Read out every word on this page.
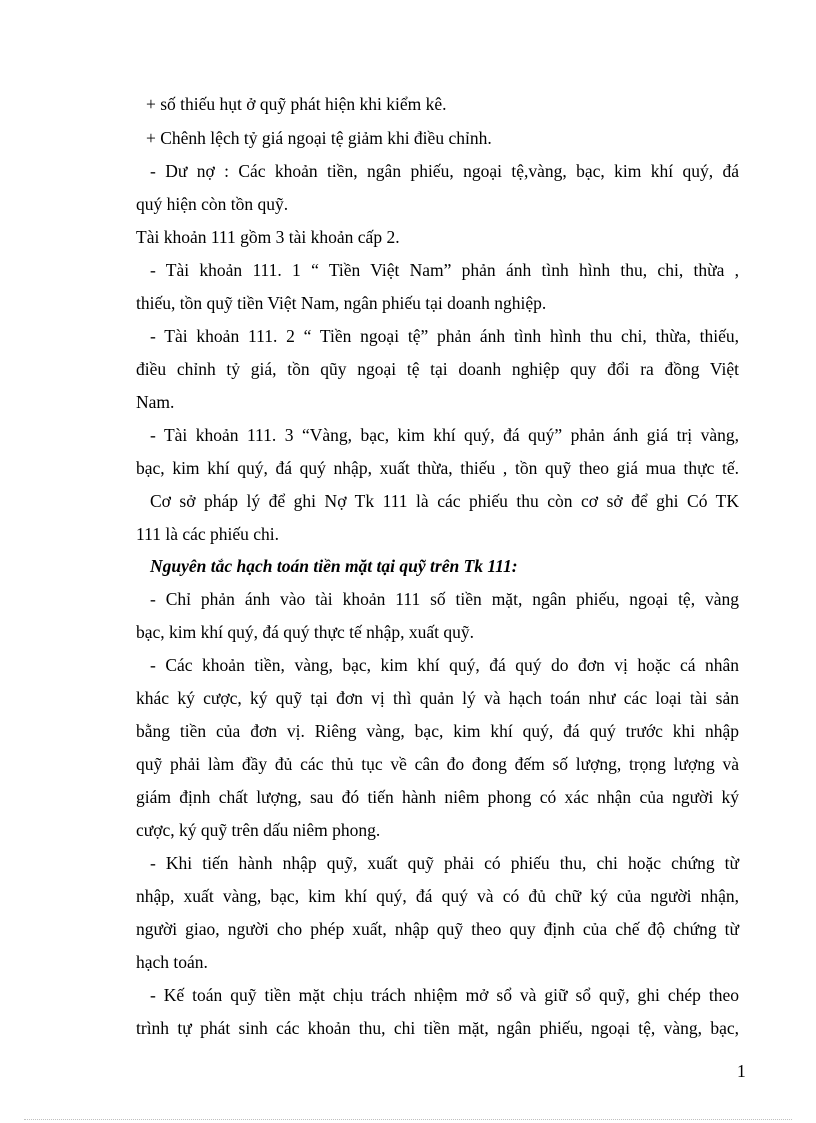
+ số thiếu hụt ở quỹ phát hiện khi kiểm kê.
+ Chênh lệch tỷ giá ngoại tệ giảm khi điều chỉnh.
- Dư nợ : Các khoản tiền, ngân phiếu, ngoại tệ,vàng, bạc, kim khí quý, đá
quý hiện còn tồn quỹ.
Tài khoản 111 gồm 3 tài khoản cấp 2.
- Tài khoản 111. 1 “ Tiền Việt Nam” phản ánh tình hình thu, chi, thừa ,
thiếu, tồn quỹ tiền Việt Nam, ngân phiếu tại doanh nghiệp.
- Tài khoản 111. 2 “ Tiền ngoại tệ” phản ánh tình hình thu chi, thừa, thiếu,
điều chỉnh tỷ giá, tồn qũy ngoại tệ tại doanh nghiệp quy đổi ra đồng Việt
Nam.
- Tài khoản 111. 3 “Vàng, bạc, kim khí quý, đá quý” phản ánh giá trị vàng,
bạc, kim khí quý, đá quý nhập, xuất thừa, thiếu , tồn quỹ theo giá mua thực tế.
Cơ sở pháp lý để ghi Nợ Tk 111 là các phiếu thu còn cơ sở để ghi Có TK
111 là các phiếu chi.
Nguyên tắc hạch toán tiền mặt tại quỹ trên Tk 111:
- Chỉ phản ánh vào tài khoản 111 số tiền mặt, ngân phiếu, ngoại tệ, vàng
bạc, kim khí quý, đá quý thực tế nhập, xuất quỹ.
- Các khoản tiền, vàng, bạc, kim khí quý, đá quý do đơn vị hoặc cá nhân
khác ký cược, ký quỹ tại đơn vị thì quản lý và hạch toán như các loại tài sản
bằng tiền của đơn vị. Riêng vàng, bạc, kim khí quý, đá quý trước khi nhập
quỹ phải làm đầy đủ các thủ tục về cân đo đong đếm số lượng, trọng lượng và
giám định chất lượng, sau đó tiến hành niêm phong có xác nhận của người ký
cược, ký quỹ trên dấu niêm phong.
- Khi tiến hành nhập quỹ, xuất quỹ phải có phiếu thu, chi hoặc chứng từ
nhập, xuất vàng, bạc, kim khí quý, đá quý và có đủ chữ ký của người nhận,
người giao, người cho phép xuất, nhập quỹ theo quy định của chế độ chứng từ
hạch toán.
- Kế toán quỹ tiền mặt chịu trách nhiệm mở sổ và giữ sổ quỹ, ghi chép theo
trình tự phát sinh các khoản thu, chi tiền mặt, ngân phiếu, ngoại tệ, vàng, bạc,
1
